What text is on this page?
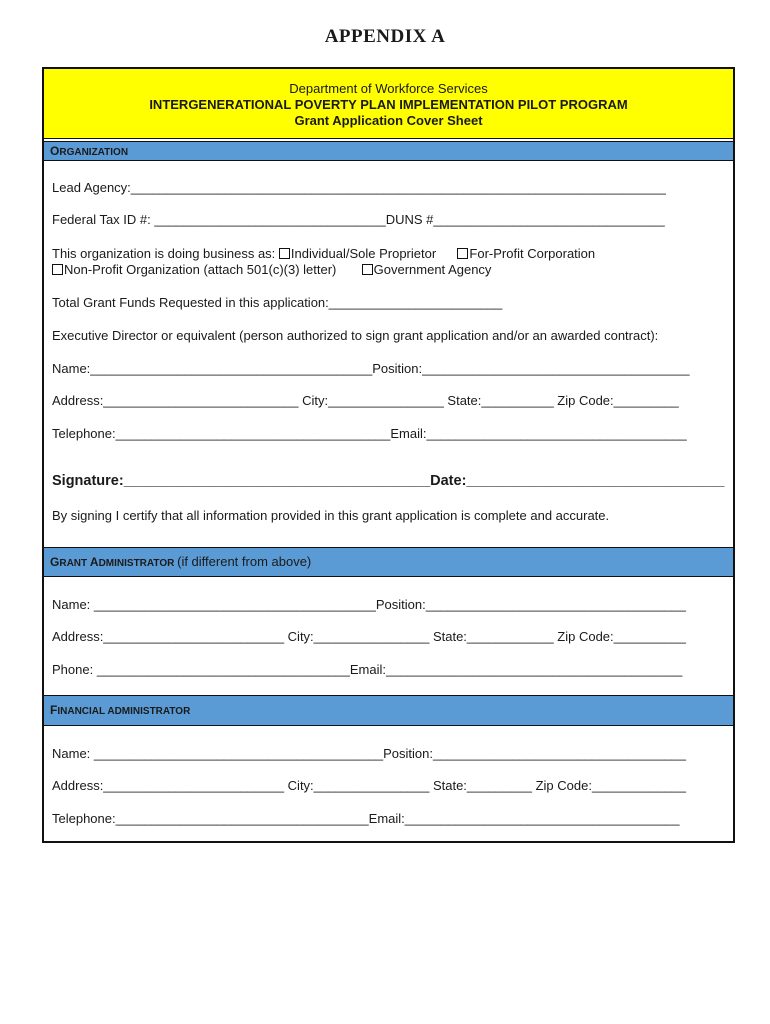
APPENDIX A
Department of Workforce Services
INTERGENERATIONAL POVERTY PLAN IMPLEMENTATION PILOT PROGRAM
Grant Application Cover Sheet
ORGANIZATION
Lead Agency:__________________________________________________________________________
Federal Tax ID #: ________________________________DUNS #________________________________
This organization is doing business as: Individual/Sole Proprietor	For-Profit Corporation
Non-Profit Organization (attach 501(c)(3) letter)	Government Agency
Total Grant Funds Requested in this application:________________________
Executive Director or equivalent (person authorized to sign grant application and/or an awarded contract):
Name:_______________________________________Position:_____________________________________
Address:___________________________ City:________________ State:__________ Zip Code:_________
Telephone:______________________________________Email:____________________________________
Signature:______________________________________Date:________________________________
By signing I certify that all information provided in this grant application is complete and accurate.
GRANT ADMINISTRATOR (if different from above)
Name: _______________________________________Position:____________________________________
Address:_________________________ City:________________ State:____________ Zip Code:__________
Phone: ___________________________________Email:_________________________________________
FINANCIAL ADMINISTRATOR
Name: ________________________________________Position:___________________________________
Address:_________________________ City:________________ State:_________ Zip Code:_____________
Telephone:___________________________________Email:______________________________________
